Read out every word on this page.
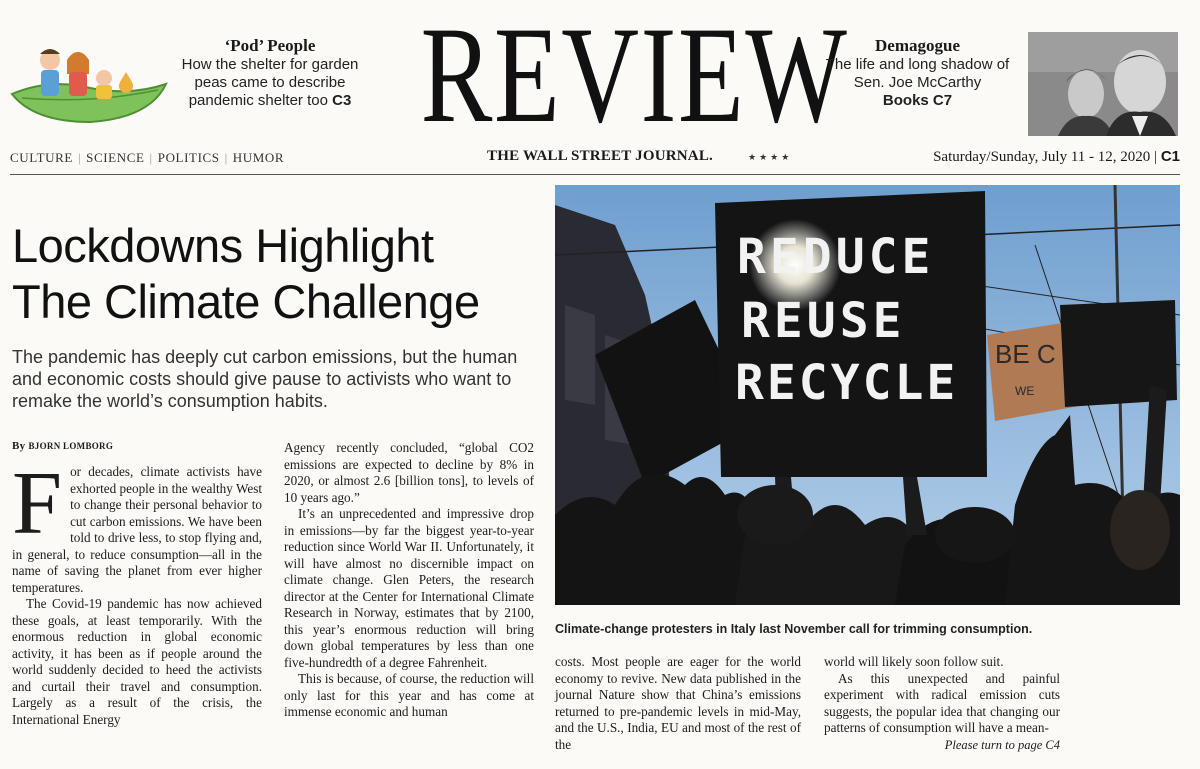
‘Pod’ People
How the shelter for garden peas came to describe pandemic shelter too C3 REVIEW	Demagogue
The life and long shadow of Sen. Joe McCarthy
Books C7
CULTURE | SCIENCE | POLITICS | HUMOR	THE WALL STREET JOURNAL.	★★★★	Saturday/Sunday, July 11 - 12, 2020 | C1
Lockdowns Highlight
The Climate Challenge
The pandemic has deeply cut carbon emissions, but the human and economic costs should give pause to activists who want to remake the world’s consumption habits.
By BJORN LOMBORG

For decades, climate activists have exhorted people in the wealthy West to change their personal behavior to cut carbon emissions. We have been told to drive less, to stop flying and, in general, to reduce consumption—all in the name of saving the planet from ever higher temperatures.

The Covid-19 pandemic has now achieved these goals, at least temporarily. With the enormous reduction in global economic activity, it has been as if people around the world suddenly decided to heed the activists and curtail their travel and consumption. Largely as a result of the crisis, the International Energy

Agency recently concluded, “global CO2 emissions are expected to decline by 8% in 2020, or almost 2.6 [billion tons], to levels of 10 years ago.”

It’s an unprecedented and impressive drop in emissions—by far the biggest year-to-year reduction since World War II. Unfortunately, it will have almost no discernible impact on climate change. Glen Peters, the research director at the Center for International Climate Research in Norway, estimates that by 2100, this year’s enormous reduction will bring down global temperatures by less than one five-hundredth of a degree Fahrenheit.

This is because, of course, the reduction will only last for this year and has come at immense economic and human

costs. Most people are eager for the world economy to revive. New data published in the journal Nature show that China’s emissions returned to pre-pandemic levels in mid-May, and the U.S., India, EU and most of the rest of the

world will likely soon follow suit.

As this unexpected and painful experiment with radical emission cuts suggests, the popular idea that changing our patterns of consumption will have a mean-

Please turn to page C4
REDUCE
REUSE
RECYCLE
BE C
WE
Climate-change protesters in Italy last November call for trimming consumption.
